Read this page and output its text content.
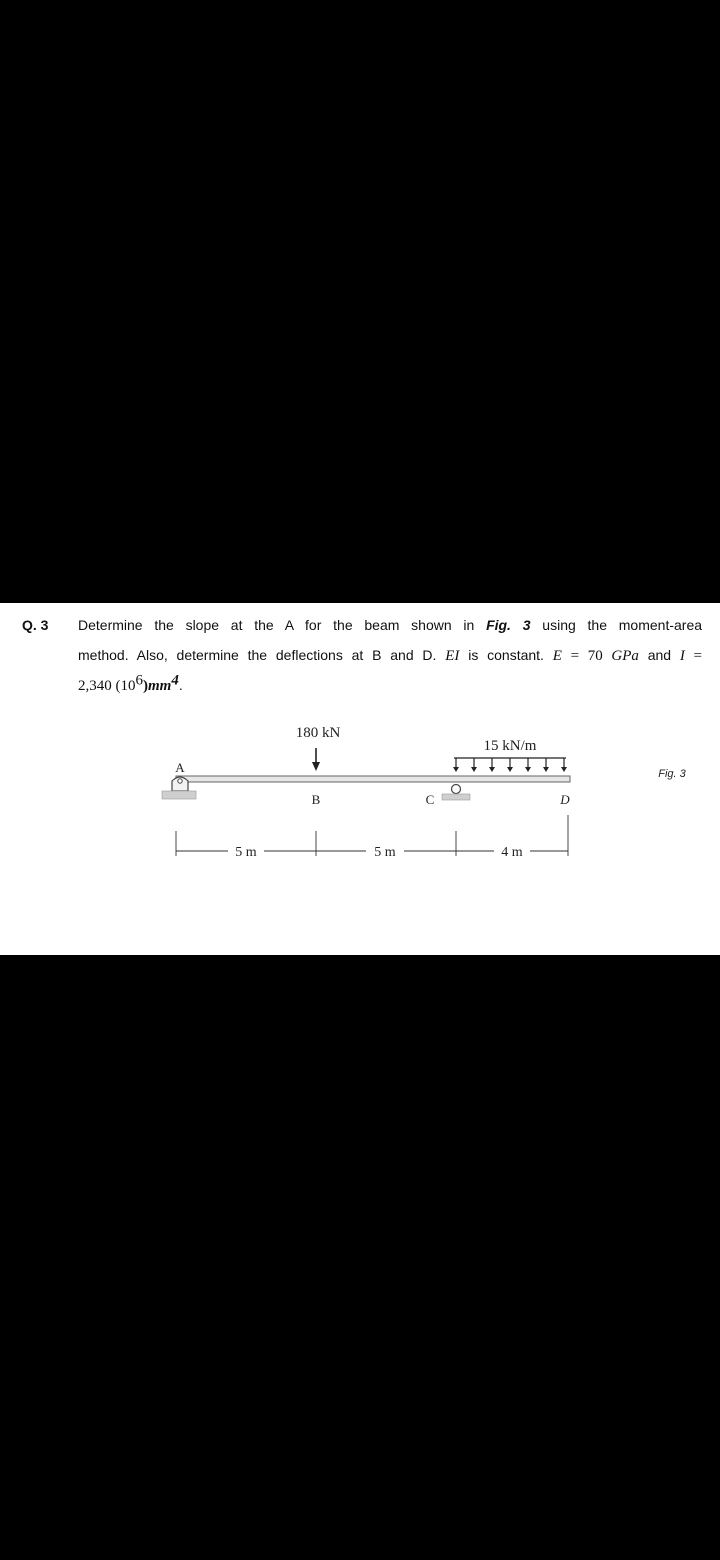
Q. 3 Determine the slope at the A for the beam shown in Fig. 3 using the moment-area
method. Also, determine the deflections at B and D. EI is constant. E = 70 GPa and I =
2,340 $(10^6)mm^4$.
180 kN
15 kN/m
A
B	C	D
5 m	5 m	4 m
Fig. 3
